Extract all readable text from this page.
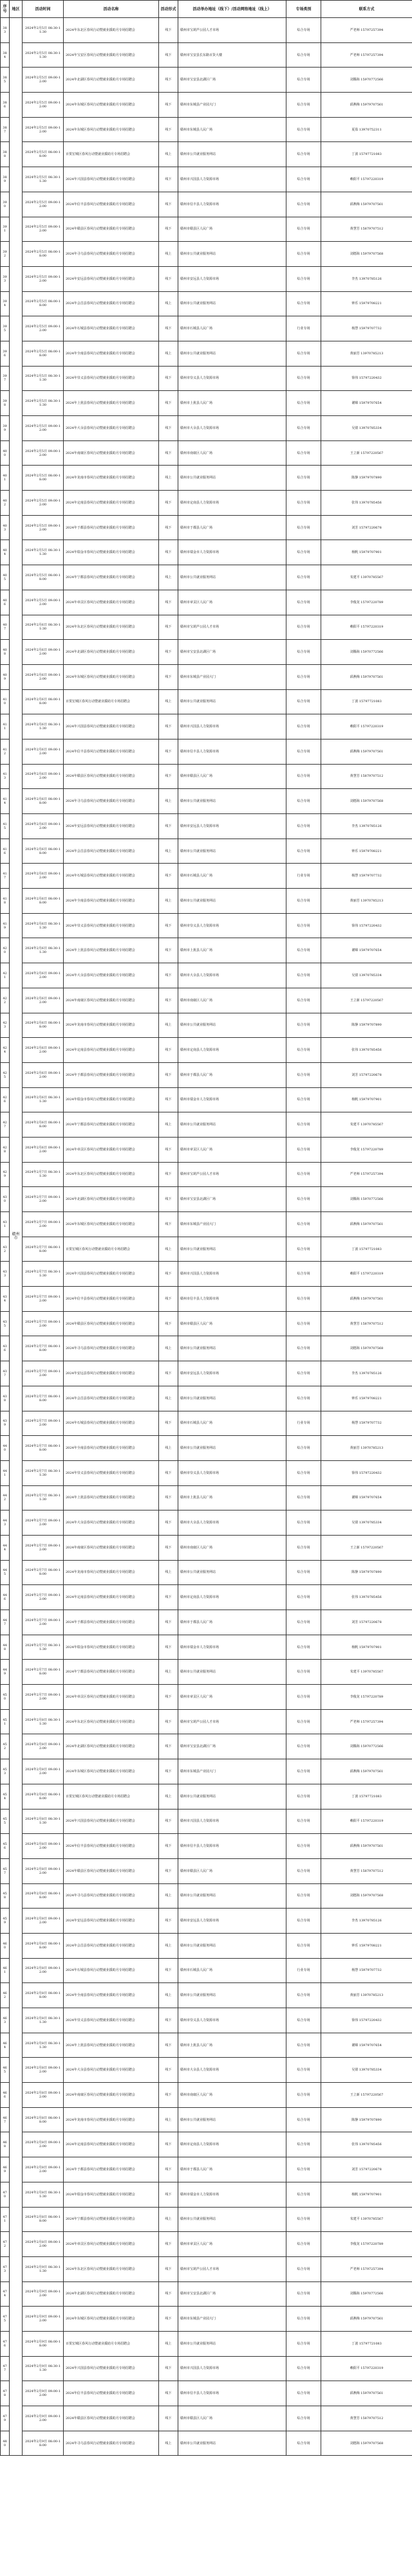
序号	地区	活动时间	活动名称	活动形式	活动举办地址（线下）/活动网络地址（线上）	专场类别	联系方式
383	赣州市	2024年2月5日 08:30-11:30	2024年东北区春风行动暨就业援助月专场招聘会	线下	赣州市宝葫芦公园人才市场	综合专场	严老师 15797257394
384		2024年2月5日 08:30-11:30	2024年宝安区春风行动暨就业援助月专场招聘会	线下	赣州市宝安县长东路百货大楼	综合专场	严老师 15797257394
385		2024年2月5日 09:00-12:00	2024年北湖区春风行动暨就业援助月专场招聘会	线下	赣州市宝安县北湖区广场	综合专场	刘腾海 15970772566
386		2024年2月5日 09:00-12:00	2024年东城区春风行动暨就业援助月专场招聘会	线下	赣州市东城县产业园大门	综合专场	邱燕梅 15979707561
387		2024年2月5日 09:00-12:00	2024年东城区春风行动暨就业援助月专场招聘会	线下	赣州市东城县人民广场	综合专场	夏盈 13970752311
388		2024年2月5日 08:00-18:00	百贺宏城区春风行动暨就业援助月专场招聘会	线上	赣州市公共就业服务网站	综合专场	丁波 15797721083
389		2024年2月5日 08:30-11:30	2024年兴国县春风行动暨就业援助月专场招聘会	线下	赣州市兴国县人力资源市场	综合专场	赖阳平 15797220319
390		2024年2月5日 09:00-12:00	2024年信丰县春风行动暨就业援助月专场招聘会	线下	赣州市信丰县人力资源市场	综合专场	邱燕梅 15979707561
391		2024年2月5日 09:00-12:00	2024年赣县区春风行动暨就业援助月专场招聘会	线下	赣州市赣县区人民广场	综合专场	黄慧芳 15879707512
392		2024年2月5日 08:00-18:00	2024年寻乌县春风行动暨就业援助月专场招聘会	线上	赣州市公共就业服务网站	综合专场	刘德海 15979707568
393		2024年2月5日 09:00-12:00	2024年安远县春风行动暨就业援助月专场招聘会	线下	赣州市安远县人力资源市场	综合专场	李杰 13970785126
394		2024年2月5日 08:00-18:00	2024年会昌县春风行动暨就业援助月专场招聘会	线上	赣州市公共就业服务网站	综合专场	钟乐 15979708221
395		2024年2月5日 09:00-12:00	2024年石城县春风行动暨就业援助月专场招聘会	线下	赣州市石城县人民广场	行业专场	杨慧 15979707732
396		2024年2月5日 08:00-18:00	2024年全南县春风行动暨就业援助月专场招聘会	线上	赣州市公共就业服务网站	综合专场	黄丽芳 13970785213
397		2024年2月5日 08:30-11:30	2024年崇义县春风行动暨就业援助月专场招聘会	线下	赣州市崇义县人力资源市场	综合专场	徐伟 15797220432
398		2024年2月5日 08:30-11:30	2024年上犹县春风行动暨就业援助月专场招聘会	线下	赣州市上犹县人民广场	综合专场	谢锦 15979707654
399		2024年2月5日 09:00-12:00	2024年大余县春风行动暨就业援助月专场招聘会	线下	赣州市大余县人力资源市场	综合专场	吴倩 13970785334
400		2024年2月5日 09:00-12:00	2024年南康区春风行动暨就业援助月专场招聘会	线下	赣州市南康区人民广场	综合专场	王立新 15797220567
401		2024年2月5日 08:00-18:00	2024年龙南市春风行动暨就业援助月专场招聘会	线上	赣州市公共就业服务网站	综合专场	陈静 15979707890
402		2024年2月5日 09:00-12:00	2024年定南县春风行动暨就业援助月专场招聘会	线下	赣州市定南县人力资源市场	综合专场	张伟 13970785456
403		2024年2月5日 09:00-12:00	2024年于都县春风行动暨就业援助月专场招聘会	线下	赣州市于都县人民广场	综合专场	刘芳 15797220678
404		2024年2月5日 08:30-11:30	2024年瑞金市春风行动暨就业援助月专场招聘会	线下	赣州市瑞金市人力资源市场	综合专场	杨帆 15979707901
405		2024年2月5日 08:00-18:00	2024年宁都县春风行动暨就业援助月专场招聘会	线上	赣州市公共就业服务网站	综合专场	朱建平 13970785567
406		2024年2月5日 09:00-12:00	2024年章贡区春风行动暨就业援助月专场招聘会	线下	赣州市章贡区人民广场	综合专场	李俊龙 15797220789
407		2024年2月6日 08:30-11:30	2024年东北区春风行动暨就业援助月专场招聘会	线下	赣州市宝葫芦公园人才市场	综合专场	赖阳平 15797220319
408		2024年2月6日 09:00-12:00	2024年北湖区春风行动暨就业援助月专场招聘会	线下	赣州市宝安县北湖区广场	综合专场	刘腾海 15970772566
409		2024年2月6日 09:00-12:00	2024年东城区春风行动暨就业援助月专场招聘会	线下	赣州市东城县产业园大门	综合专场	邱燕梅 15979707561
410		2024年2月6日 08:00-18:00	百贺宏城区春风行动暨就业援助月专场招聘会	线上	赣州市公共就业服务网站	综合专场	丁波 15797721083
411		2024年2月6日 08:30-11:30	2024年兴国县春风行动暨就业援助月专场招聘会	线下	赣州市兴国县人力资源市场	综合专场	赖阳平 15797220319
412		2024年2月6日 09:00-12:00	2024年信丰县春风行动暨就业援助月专场招聘会	线下	赣州市信丰县人力资源市场	综合专场	邱燕梅 15979707561
413		2024年2月6日 09:00-12:00	2024年赣县区春风行动暨就业援助月专场招聘会	线下	赣州市赣县区人民广场	综合专场	黄慧芳 15879707512
414		2024年2月6日 08:00-18:00	2024年寻乌县春风行动暨就业援助月专场招聘会	线上	赣州市公共就业服务网站	综合专场	刘德海 15979707568
415		2024年2月6日 09:00-12:00	2024年安远县春风行动暨就业援助月专场招聘会	线下	赣州市安远县人力资源市场	综合专场	李杰 13970785126
416		2024年2月6日 08:00-18:00	2024年会昌县春风行动暨就业援助月专场招聘会	线上	赣州市公共就业服务网站	综合专场	钟乐 15979708221
417		2024年2月6日 09:00-12:00	2024年石城县春风行动暨就业援助月专场招聘会	线下	赣州市石城县人民广场	行业专场	杨慧 15979707732
418		2024年2月6日 08:00-18:00	2024年全南县春风行动暨就业援助月专场招聘会	线上	赣州市公共就业服务网站	综合专场	黄丽芳 13970785213
419		2024年2月6日 08:30-11:30	2024年崇义县春风行动暨就业援助月专场招聘会	线下	赣州市崇义县人力资源市场	综合专场	徐伟 15797220432
420		2024年2月6日 08:30-11:30	2024年上犹县春风行动暨就业援助月专场招聘会	线下	赣州市上犹县人民广场	综合专场	谢锦 15979707654
421		2024年2月6日 09:00-12:00	2024年大余县春风行动暨就业援助月专场招聘会	线下	赣州市大余县人力资源市场	综合专场	吴倩 13970785334
422		2024年2月6日 09:00-12:00	2024年南康区春风行动暨就业援助月专场招聘会	线下	赣州市南康区人民广场	综合专场	王立新 15797220567
423		2024年2月6日 08:00-18:00	2024年龙南市春风行动暨就业援助月专场招聘会	线上	赣州市公共就业服务网站	综合专场	陈静 15979707890
424		2024年2月6日 09:00-12:00	2024年定南县春风行动暨就业援助月专场招聘会	线下	赣州市定南县人力资源市场	综合专场	张伟 13970785456
425		2024年2月6日 09:00-12:00	2024年于都县春风行动暨就业援助月专场招聘会	线下	赣州市于都县人民广场	综合专场	刘芳 15797220678
426		2024年2月6日 08:30-11:30	2024年瑞金市春风行动暨就业援助月专场招聘会	线下	赣州市瑞金市人力资源市场	综合专场	杨帆 15979707901
427		2024年2月6日 08:00-18:00	2024年宁都县春风行动暨就业援助月专场招聘会	线上	赣州市公共就业服务网站	综合专场	朱建平 13970785567
428		2024年2月6日 09:00-12:00	2024年章贡区春风行动暨就业援助月专场招聘会	线下	赣州市章贡区人民广场	综合专场	李俊龙 15797220789
429		2024年2月7日 08:30-11:30	2024年东北区春风行动暨就业援助月专场招聘会	线下	赣州市宝葫芦公园人才市场	综合专场	严老师 15797257394
430		2024年2月7日 09:00-12:00	2024年北湖区春风行动暨就业援助月专场招聘会	线下	赣州市宝安县北湖区广场	综合专场	刘腾海 15970772566
431		2024年2月7日 09:00-12:00	2024年东城区春风行动暨就业援助月专场招聘会	线下	赣州市东城县产业园大门	综合专场	邱燕梅 15979707561
432		2024年2月7日 08:00-18:00	百贺宏城区春风行动暨就业援助月专场招聘会	线上	赣州市公共就业服务网站	综合专场	丁波 15797721083
433		2024年2月7日 08:30-11:30	2024年兴国县春风行动暨就业援助月专场招聘会	线下	赣州市兴国县人力资源市场	综合专场	赖阳平 15797220319
434		2024年2月7日 09:00-12:00	2024年信丰县春风行动暨就业援助月专场招聘会	线下	赣州市信丰县人力资源市场	综合专场	邱燕梅 15979707561
435		2024年2月7日 09:00-12:00	2024年赣县区春风行动暨就业援助月专场招聘会	线下	赣州市赣县区人民广场	综合专场	黄慧芳 15879707512
436		2024年2月7日 08:00-18:00	2024年寻乌县春风行动暨就业援助月专场招聘会	线上	赣州市公共就业服务网站	综合专场	刘德海 15979707568
437		2024年2月7日 09:00-12:00	2024年安远县春风行动暨就业援助月专场招聘会	线下	赣州市安远县人力资源市场	综合专场	李杰 13970785126
438		2024年2月7日 08:00-18:00	2024年会昌县春风行动暨就业援助月专场招聘会	线上	赣州市公共就业服务网站	综合专场	钟乐 15979708221
439		2024年2月7日 09:00-12:00	2024年石城县春风行动暨就业援助月专场招聘会	线下	赣州市石城县人民广场	行业专场	杨慧 15979707732
440		2024年2月7日 08:00-18:00	2024年全南县春风行动暨就业援助月专场招聘会	线上	赣州市公共就业服务网站	综合专场	黄丽芳 13970785213
441		2024年2月7日 08:30-11:30	2024年崇义县春风行动暨就业援助月专场招聘会	线下	赣州市崇义县人力资源市场	综合专场	徐伟 15797220432
442		2024年2月7日 08:30-11:30	2024年上犹县春风行动暨就业援助月专场招聘会	线下	赣州市上犹县人民广场	综合专场	谢锦 15979707654
443		2024年2月7日 09:00-12:00	2024年大余县春风行动暨就业援助月专场招聘会	线下	赣州市大余县人力资源市场	综合专场	吴倩 13970785334
444		2024年2月7日 09:00-12:00	2024年南康区春风行动暨就业援助月专场招聘会	线下	赣州市南康区人民广场	综合专场	王立新 15797220567
445		2024年2月7日 08:00-18:00	2024年龙南市春风行动暨就业援助月专场招聘会	线上	赣州市公共就业服务网站	综合专场	陈静 15979707890
446		2024年2月7日 09:00-12:00	2024年定南县春风行动暨就业援助月专场招聘会	线下	赣州市定南县人力资源市场	综合专场	张伟 13970785456
447		2024年2月7日 09:00-12:00	2024年于都县春风行动暨就业援助月专场招聘会	线下	赣州市于都县人民广场	综合专场	刘芳 15797220678
448		2024年2月7日 08:30-11:30	2024年瑞金市春风行动暨就业援助月专场招聘会	线下	赣州市瑞金市人力资源市场	综合专场	杨帆 15979707901
449		2024年2月7日 08:00-18:00	2024年宁都县春风行动暨就业援助月专场招聘会	线上	赣州市公共就业服务网站	综合专场	朱建平 13970785567
450		2024年2月7日 09:00-12:00	2024年章贡区春风行动暨就业援助月专场招聘会	线下	赣州市章贡区人民广场	综合专场	李俊龙 15797220789
451		2024年2月8日 08:30-11:30	2024年东北区春风行动暨就业援助月专场招聘会	线下	赣州市宝葫芦公园人才市场	综合专场	严老师 15797257394
452		2024年2月8日 09:00-12:00	2024年北湖区春风行动暨就业援助月专场招聘会	线下	赣州市宝安县北湖区广场	综合专场	刘腾海 15970772566
453		2024年2月8日 09:00-12:00	2024年东城区春风行动暨就业援助月专场招聘会	线下	赣州市东城县产业园大门	综合专场	邱燕梅 15979707561
454		2024年2月8日 08:00-18:00	百贺宏城区春风行动暨就业援助月专场招聘会	线上	赣州市公共就业服务网站	综合专场	丁波 15797721083
455		2024年2月8日 08:30-11:30	2024年兴国县春风行动暨就业援助月专场招聘会	线下	赣州市兴国县人力资源市场	综合专场	赖阳平 15797220319
456		2024年2月8日 09:00-12:00	2024年信丰县春风行动暨就业援助月专场招聘会	线下	赣州市信丰县人力资源市场	综合专场	邱燕梅 15979707561
457		2024年2月8日 09:00-12:00	2024年赣县区春风行动暨就业援助月专场招聘会	线下	赣州市赣县区人民广场	综合专场	黄慧芳 15879707512
458		2024年2月8日 08:00-18:00	2024年寻乌县春风行动暨就业援助月专场招聘会	线上	赣州市公共就业服务网站	综合专场	刘德海 15979707568
459		2024年2月8日 09:00-12:00	2024年安远县春风行动暨就业援助月专场招聘会	线下	赣州市安远县人力资源市场	综合专场	李杰 13970785126
460		2024年2月8日 08:00-18:00	2024年会昌县春风行动暨就业援助月专场招聘会	线上	赣州市公共就业服务网站	综合专场	钟乐 15979708221
461		2024年2月8日 09:00-12:00	2024年石城县春风行动暨就业援助月专场招聘会	线下	赣州市石城县人民广场	行业专场	杨慧 15979707732
462		2024年2月8日 08:00-18:00	2024年全南县春风行动暨就业援助月专场招聘会	线上	赣州市公共就业服务网站	综合专场	黄丽芳 13970785213
463		2024年2月8日 08:30-11:30	2024年崇义县春风行动暨就业援助月专场招聘会	线下	赣州市崇义县人力资源市场	综合专场	徐伟 15797220432
464		2024年2月8日 08:30-11:30	2024年上犹县春风行动暨就业援助月专场招聘会	线下	赣州市上犹县人民广场	综合专场	谢锦 15979707654
465		2024年2月8日 09:00-12:00	2024年大余县春风行动暨就业援助月专场招聘会	线下	赣州市大余县人力资源市场	综合专场	吴倩 13970785334
466		2024年2月8日 09:00-12:00	2024年南康区春风行动暨就业援助月专场招聘会	线下	赣州市南康区人民广场	综合专场	王立新 15797220567
467		2024年2月8日 08:00-18:00	2024年龙南市春风行动暨就业援助月专场招聘会	线上	赣州市公共就业服务网站	综合专场	陈静 15979707890
468		2024年2月8日 09:00-12:00	2024年定南县春风行动暨就业援助月专场招聘会	线下	赣州市定南县人力资源市场	综合专场	张伟 13970785456
469		2024年2月8日 09:00-12:00	2024年于都县春风行动暨就业援助月专场招聘会	线下	赣州市于都县人民广场	综合专场	刘芳 15797220678
470		2024年2月8日 08:30-11:30	2024年瑞金市春风行动暨就业援助月专场招聘会	线下	赣州市瑞金市人力资源市场	综合专场	杨帆 15979707901
471		2024年2月8日 08:00-18:00	2024年宁都县春风行动暨就业援助月专场招聘会	线上	赣州市公共就业服务网站	综合专场	朱建平 13970785567
472		2024年2月8日 09:00-12:00	2024年章贡区春风行动暨就业援助月专场招聘会	线下	赣州市章贡区人民广场	综合专场	李俊龙 15797220789
473		2024年2月9日 08:30-11:30	2024年东北区春风行动暨就业援助月专场招聘会	线下	赣州市宝葫芦公园人才市场	综合专场	严老师 15797257394
474		2024年2月9日 09:00-12:00	2024年北湖区春风行动暨就业援助月专场招聘会	线下	赣州市宝安县北湖区广场	综合专场	刘腾海 15970772566
475		2024年2月9日 09:00-12:00	2024年东城区春风行动暨就业援助月专场招聘会	线下	赣州市东城县产业园大门	综合专场	邱燕梅 15979707561
476		2024年2月9日 08:00-18:00	百贺宏城区春风行动暨就业援助月专场招聘会	线上	赣州市公共就业服务网站	综合专场	丁波 15797721083
477		2024年2月9日 08:30-11:30	2024年兴国县春风行动暨就业援助月专场招聘会	线下	赣州市兴国县人力资源市场	综合专场	赖阳平 15797220319
478		2024年2月9日 09:00-12:00	2024年信丰县春风行动暨就业援助月专场招聘会	线下	赣州市信丰县人力资源市场	综合专场	邱燕梅 15979707561
479		2024年2月9日 09:00-12:00	2024年赣县区春风行动暨就业援助月专场招聘会	线下	赣州市赣县区人民广场	综合专场	黄慧芳 15879707512
480		2024年2月9日 08:00-18:00	2024年寻乌县春风行动暨就业援助月专场招聘会	线上	赣州市公共就业服务网站	综合专场	刘德海 15979707568
